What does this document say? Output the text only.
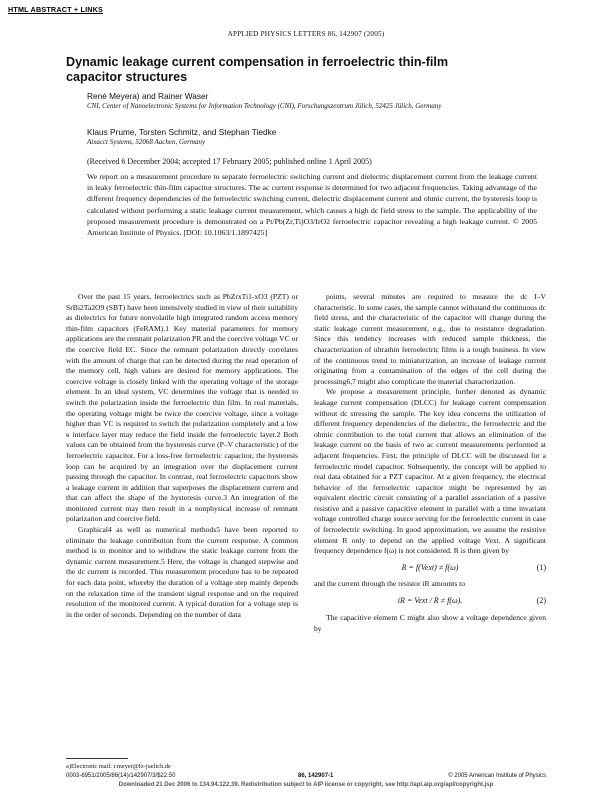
HTML ABSTRACT + LINKS
APPLIED PHYSICS LETTERS 86, 142907 (2005)
Dynamic leakage current compensation in ferroelectric thin-film capacitor structures
René Meyera) and Rainer Waser
CNI, Center of Nanoelectronic Systems for Information Technology (CNI), Forschungszentrum Jülich, 52425 Jülich, Germany
Klaus Prume, Torsten Schmitz, and Stephan Tiedke
Aixacct Systems, 52068 Aachen, Germany
(Received 6 December 2004; accepted 17 February 2005; published online 1 April 2005)
We report on a measurement procedure to separate ferroelectric switching current and dielectric displacement current from the leakage current in leaky ferroelectric thin-film capacitor structures. The ac current response is determined for two adjacent frequencies. Taking advantage of the different frequency dependencies of the ferroelectric switching current, dielectric displacement current and ohmic current, the hysteresis loop is calculated without performing a static leakage current measurement, which causes a high dc field stress to the sample. The applicability of the proposed measurement procedure is demonstrated on a Pt/Pb(Zr,Ti)O3/IrO2 ferroelectric capacitor revealing a high leakage current. © 2005 American Institute of Physics. [DOI: 10.1063/1.1897425]

Over the past 15 years, ferroelectrics such as PbZrxTi1-xO3 (PZT) or SrBi2Ta2O9 (SBT) have been intensively studied in view of their suitability as dielectrics for future nonvolatile high integrated random access memory thin-film capacitors (FeRAM).1 Key material parameters for memory applications are the remnant polarization PR and the coercive voltage VC or the coercive field EC. Since the remnant polarization directly correlates with the amount of charge that can be detected during the read operation of the memory cell, high values are desired for memory applications. The coercive voltage is closely linked with the operating voltage of the storage element. In an ideal system, VC determines the voltage that is needed to switch the polarization inside the ferroelectric thin film. In real materials, the operating voltage might be twice the coercive voltage, since a voltage higher than VC is required to switch the polarization completely and a low κ interface layer may reduce the field inside the ferroelectric layer.2 Both values can be obtained from the hysteresis curve (P–V characteristic) of the ferroelectric capacitor. For a loss-free ferroelectric capacitor, the hysteresis loop can be acquired by an integration over the displacement current passing through the capacitor. In contrast, real ferroelectric capacitors show a leakage current in addition that superposes the displacement current and that can affect the shape of the hysteresis curve.3 An integration of the monitored current may then result in a nonphysical increase of remnant polarization and coercive field.

Graphical4 as well as numerical methods5 have been reported to eliminate the leakage contribution from the current response. A common method is to monitor and to withdraw the static leakage current from the dynamic current measurement.5 Here, the voltage is changed stepwise and the dc current is recorded. This measurement procedure has to be repeated for each data point, whereby the duration of a voltage step mainly depends on the relaxation time of the transient signal response and on the required resolution of the monitored current. A typical duration for a voltage step is in the order of seconds. Depending on the number of data

points, several minutes are required to measure the dc I–V characteristic. In some cases, the sample cannot withstand the continuous dc field stress, and the characteristic of the capacitor will change during the static leakage current measurement, e.g., due to resistance degradation. Since this tendency increases with reduced sample thickness, the characterization of ultrathin ferroelectric films is a tough business. In view of the continuous trend to miniaturization, an increase of leakage current originating from a contamination of the edges of the cell during the processing6,7 might also complicate the material characterization.

We propose a measurement principle, further denoted as dynamic leakage current compensation (DLCC) for leakage current compensation without dc stressing the sample. The key idea concerns the utilization of different frequency dependencies of the dielectric, the ferroelectric and the ohmic contribution to the total current that allows an elimination of the leakage current on the basis of two ac current measurements performed at adjacent frequencies. First, the principle of DLCC will be discussed for a ferroelectric model capacitor. Subsequently, the concept will be applied to real data obtained for a PZT capacitor. At a given frequency, the electrical behavior of the ferroelectric capacitor might be represented by an equivalent electric circuit consisting of a parallel association of a passive resistive and a passive capacitive element in parallel with a time invariant voltage controlled charge source serving for the ferroelectric current in case of ferroelectric switching. In good approximation, we assume the resistive element R only to depend on the applied voltage Vext. A significant frequency dependence f(ω) is not considered. R is then given by

R = f(Vext) ≠ f(ω)	(1)
and the current through the resistor iR amounts to
iR = Vext / R ≠ f(ω).	(2)

The capacitive element C might also show a voltage dependence given by

a)Electronic mail: r.meyer@fz-juelich.de
0003-6951/2005/86(14)/142907/3/$22.50	86, 142907-1	© 2005 American Institute of Physics
Downloaded 21 Dec 2006 to 134.94.122.39. Redistribution subject to AIP license or copyright, see http://apl.aip.org/apl/copyright.jsp
